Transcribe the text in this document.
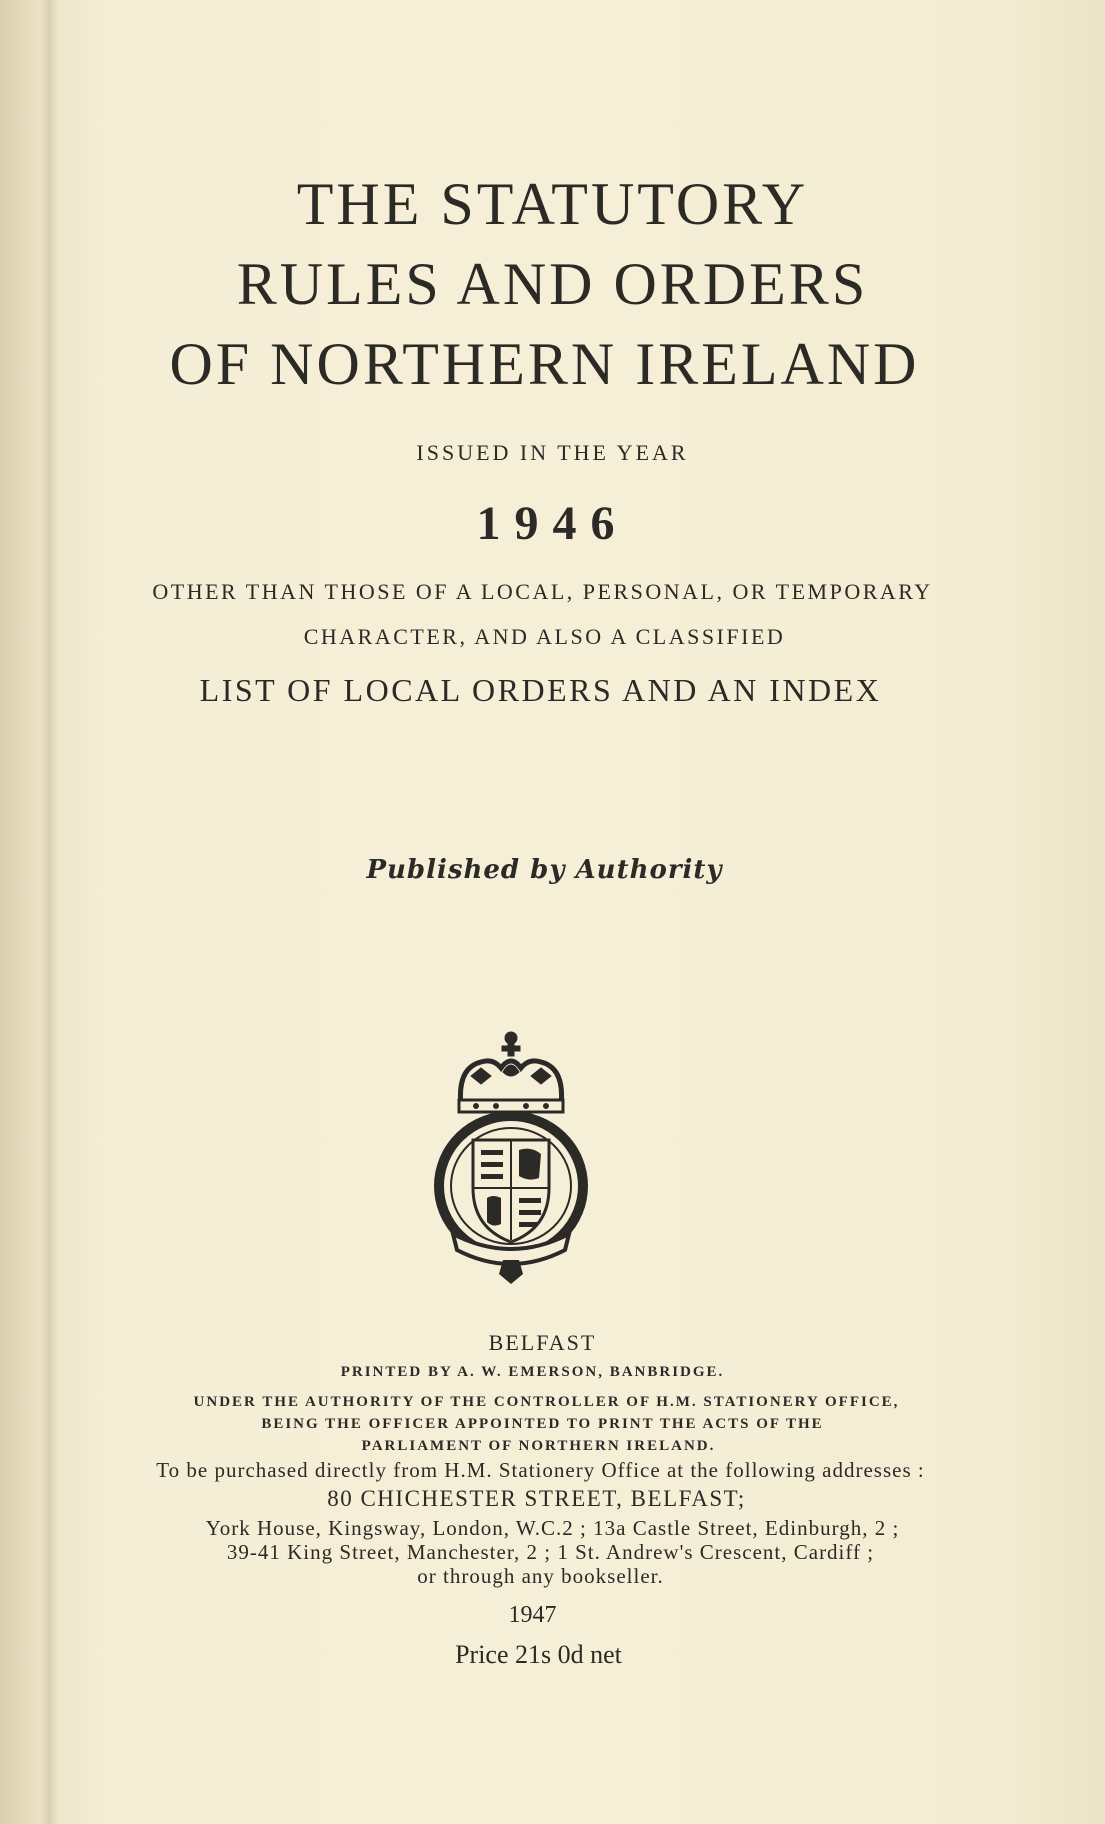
THE STATUTORY
RULES AND ORDERS
OF NORTHERN IRELAND
ISSUED IN THE YEAR
1946
OTHER THAN THOSE OF A LOCAL, PERSONAL, OR TEMPORARY
CHARACTER, AND ALSO A CLASSIFIED
LIST OF LOCAL ORDERS AND AN INDEX
Published by Authority
BELFAST
PRINTED BY A. W. EMERSON, BANBRIDGE.
UNDER THE AUTHORITY OF THE CONTROLLER OF H.M. STATIONERY OFFICE,
BEING THE OFFICER APPOINTED TO PRINT THE ACTS OF THE
PARLIAMENT OF NORTHERN IRELAND.
To be purchased directly from H.M. Stationery Office at the following addresses :
80 CHICHESTER STREET, BELFAST;
York House, Kingsway, London, W.C.2 ; 13a Castle Street, Edinburgh, 2 ;
39-41 King Street, Manchester, 2 ; 1 St. Andrew's Crescent, Cardiff ;
or through any bookseller.
1947
Price 21s 0d net
